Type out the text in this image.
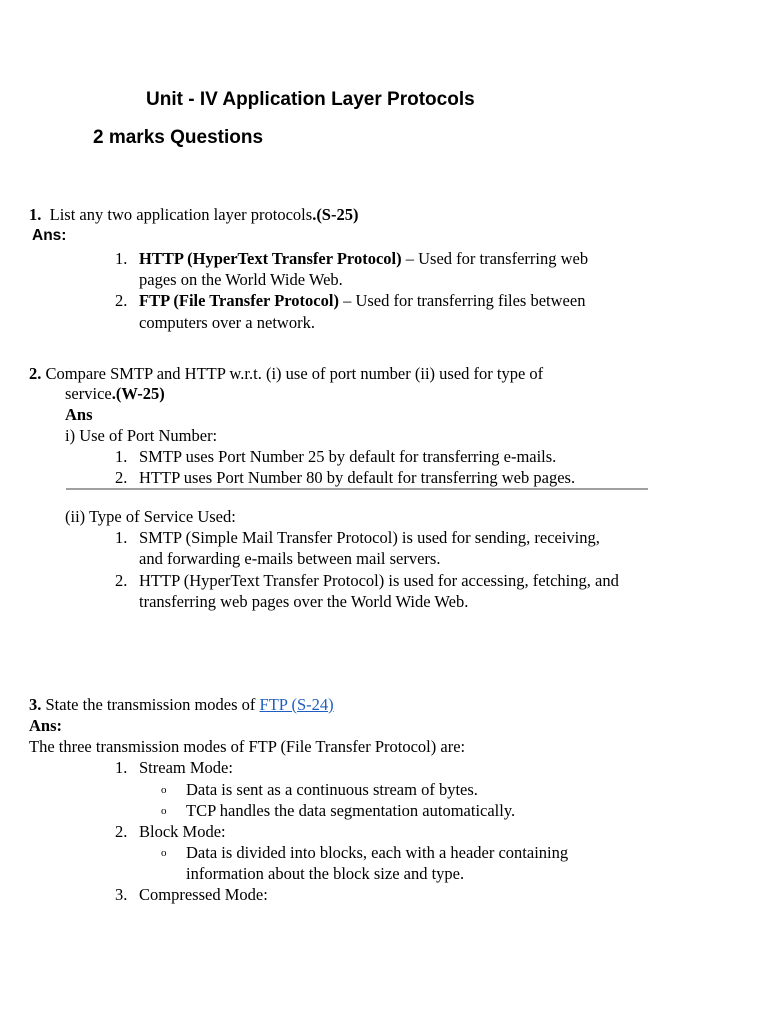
Unit - IV Application Layer Protocols
2 marks Questions
1. List any two application layer protocols.(S-25)
Ans:
1. HTTP (HyperText Transfer Protocol) – Used for transferring web
pages on the World Wide Web.
2. FTP (File Transfer Protocol) – Used for transferring files between
computers over a network.
2. Compare SMTP and HTTP w.r.t. (i) use of port number (ii) used for type of
service.(W-25)
Ans
i) Use of Port Number:
1. SMTP uses Port Number 25 by default for transferring e-mails.
2. HTTP uses Port Number 80 by default for transferring web pages.
(ii) Type of Service Used:
1. SMTP (Simple Mail Transfer Protocol) is used for sending, receiving,
and forwarding e-mails between mail servers.
2. HTTP (HyperText Transfer Protocol) is used for accessing, fetching, and
transferring web pages over the World Wide Web.
3. State the transmission modes of FTP (S-24)
Ans:
The three transmission modes of FTP (File Transfer Protocol) are:
1. Stream Mode:
o Data is sent as a continuous stream of bytes.
o TCP handles the data segmentation automatically.
2. Block Mode:
o Data is divided into blocks, each with a header containing
information about the block size and type.
3. Compressed Mode:
